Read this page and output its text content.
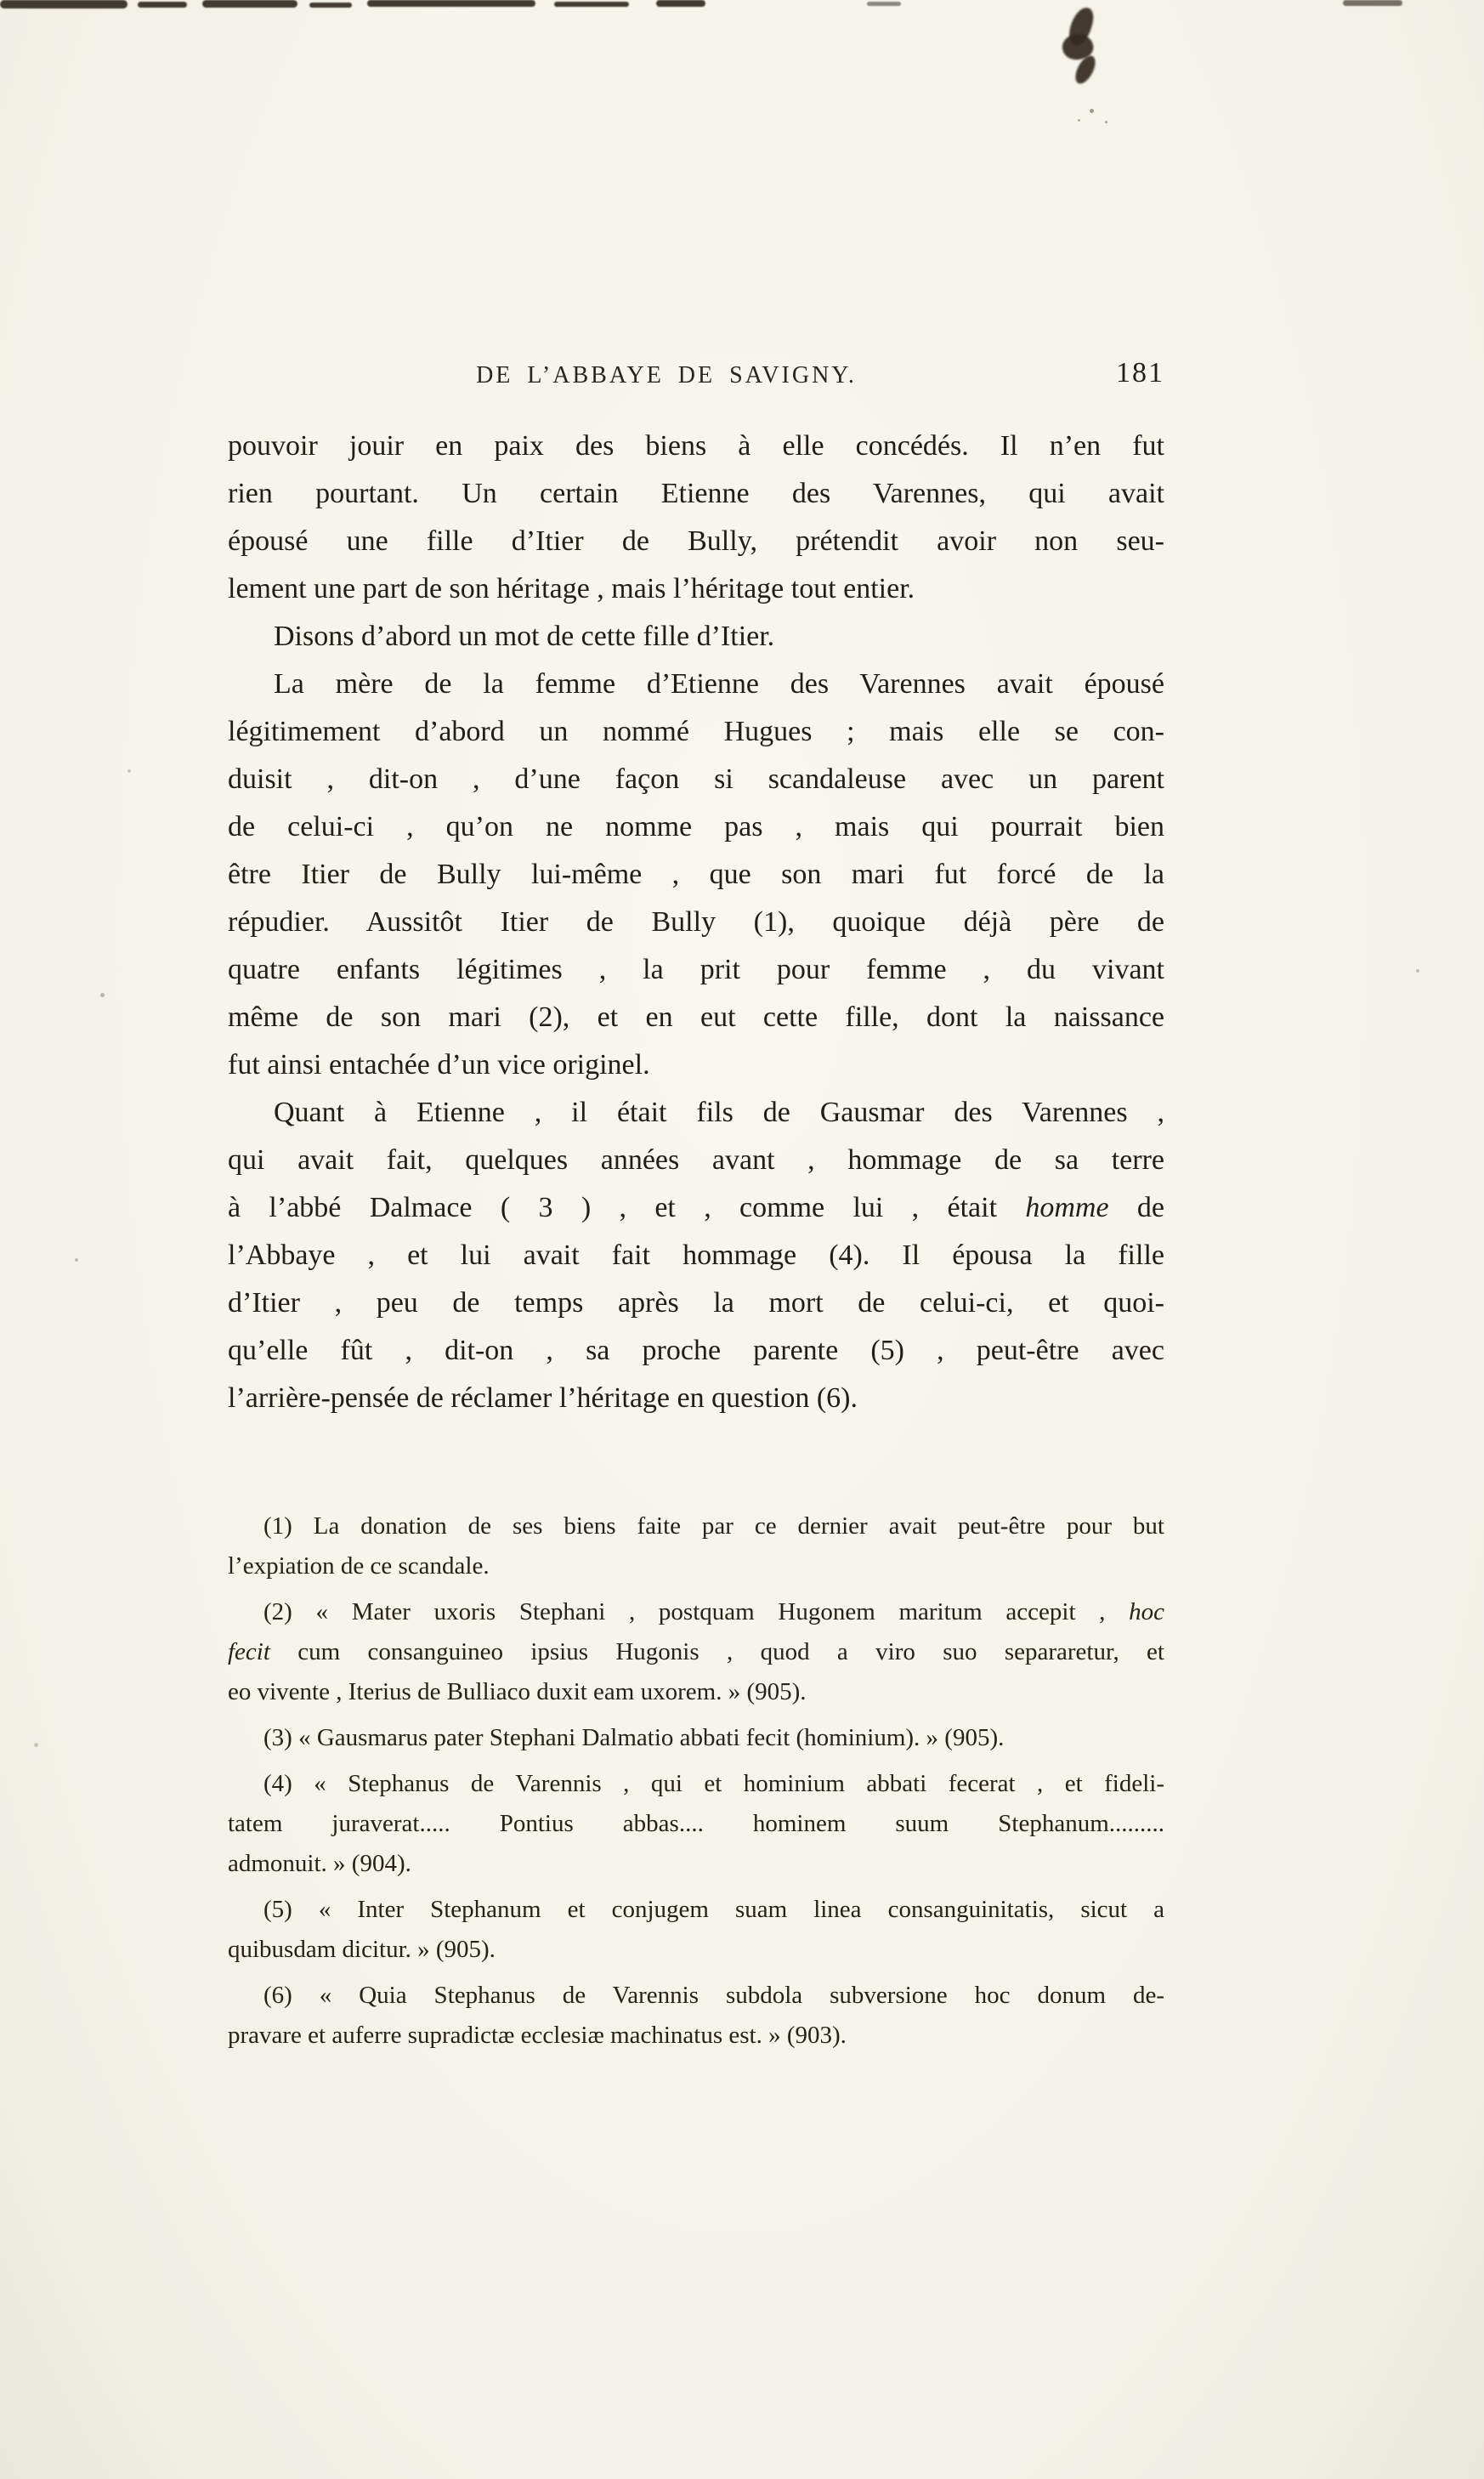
DE L’ABBAYE DE SAVIGNY.	181
pouvoir jouir en paix des biens à elle concédés. Il n’en fut
rien pourtant. Un certain Etienne des Varennes, qui avait
épousé une fille d’Itier de Bully, prétendit avoir non seu-
lement une part de son héritage , mais l’héritage tout entier.
Disons d’abord un mot de cette fille d’Itier.
La mère de la femme d’Etienne des Varennes avait épousé
légitimement d’abord un nommé Hugues ; mais elle se con-
duisit , dit-on , d’une façon si scandaleuse avec un parent
de celui-ci , qu’on ne nomme pas , mais qui pourrait bien
être Itier de Bully lui-même , que son mari fut forcé de la
répudier. Aussitôt Itier de Bully (1), quoique déjà père de
quatre enfants légitimes , la prit pour femme , du vivant
même de son mari (2), et en eut cette fille, dont la naissance
fut ainsi entachée d’un vice originel.
Quant à Etienne , il était fils de Gausmar des Varennes ,
qui avait fait, quelques années avant , hommage de sa terre
à l’abbé Dalmace ( 3 ) , et , comme lui , était homme de
l’Abbaye , et lui avait fait hommage (4). Il épousa la fille
d’Itier , peu de temps après la mort de celui-ci, et quoi-
qu’elle fût , dit-on , sa proche parente (5) , peut-être avec
l’arrière-pensée de réclamer l’héritage en question (6).
(1) La donation de ses biens faite par ce dernier avait peut-être pour but
l’expiation de ce scandale.
(2) « Mater uxoris Stephani , postquam Hugonem maritum accepit , hoc
fecit cum consanguineo ipsius Hugonis , quod a viro suo separaretur, et
eo vivente , Iterius de Bulliaco duxit eam uxorem. » (905).
(3) « Gausmarus pater Stephani Dalmatio abbati fecit (hominium). » (905).
(4) « Stephanus de Varennis , qui et hominium abbati fecerat , et fideli-
tatem juraverat..... Pontius abbas.... hominem suum Stephanum.........
admonuit. » (904).
(5) « Inter Stephanum et conjugem suam linea consanguinitatis, sicut a
quibusdam dicitur. » (905).
(6) « Quia Stephanus de Varennis subdola subversione hoc donum de-
pravare et auferre supradictæ ecclesiæ machinatus est. » (903).
